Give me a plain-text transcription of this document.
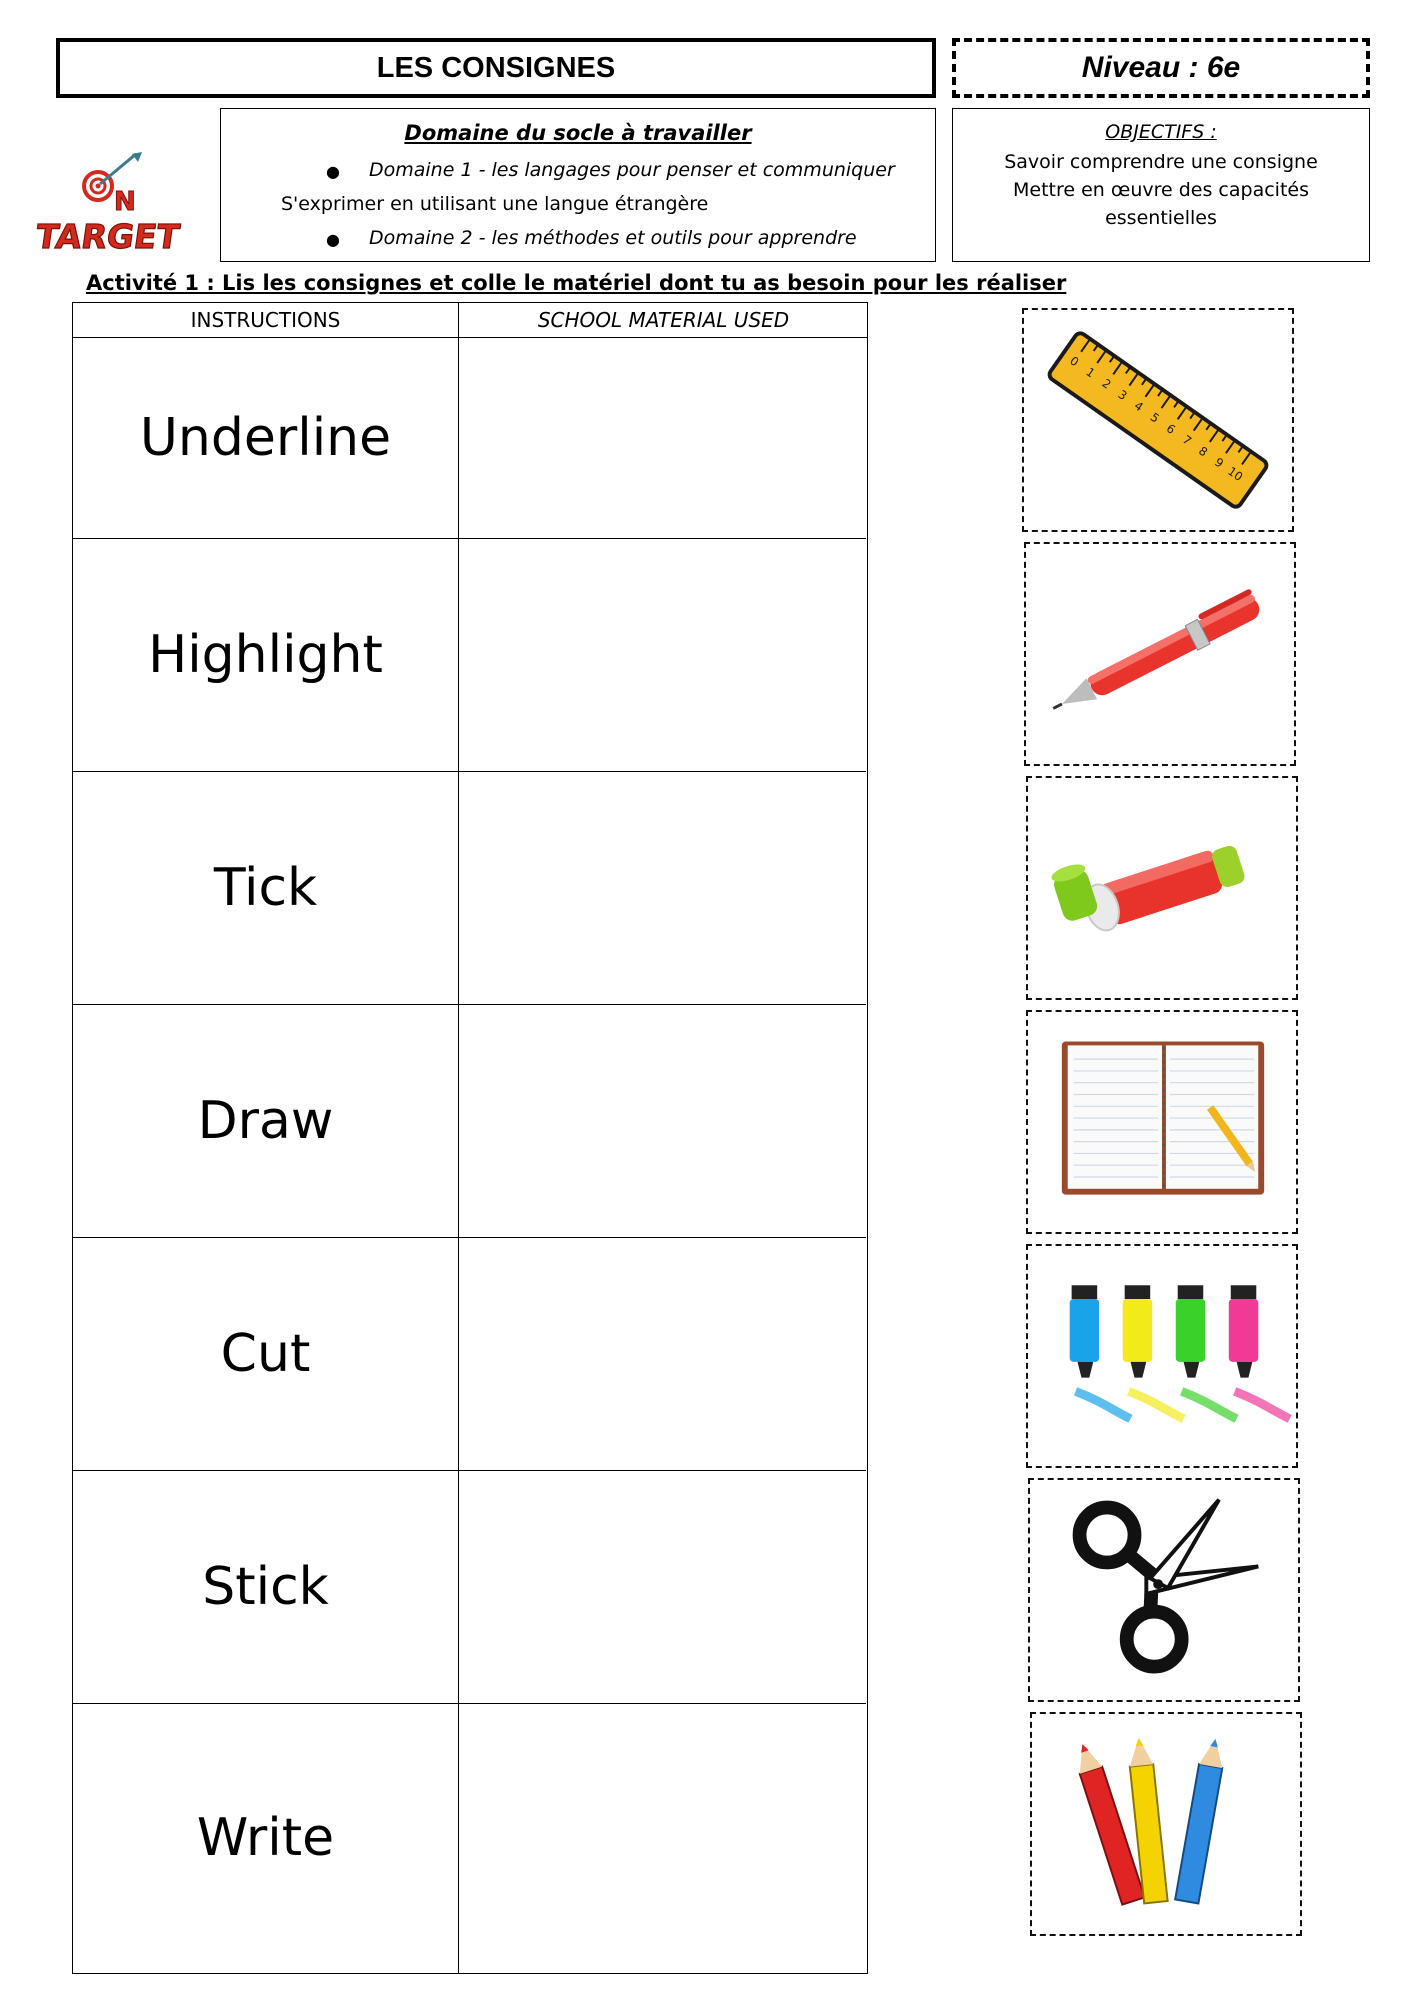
LES CONSIGNES	Niveau : 6e
N
TARGET
Domaine du socle à travailler
● Domaine 1 - les langages pour penser et communiquer
S'exprimer en utilisant une langue étrangère
● Domaine 2 - les méthodes et outils pour apprendre
OBJECTIFS :
Savoir comprendre une consigne
Mettre en œuvre des capacités
essentielles
Activité 1 : Lis les consignes et colle le matériel dont tu as besoin pour les réaliser
INSTRUCTIONS	SCHOOL MATERIAL USED
Underline
Highlight
Tick
Draw
Cut
Stick
Write
0
1
2
3
4
5
6
7
8
9
10
